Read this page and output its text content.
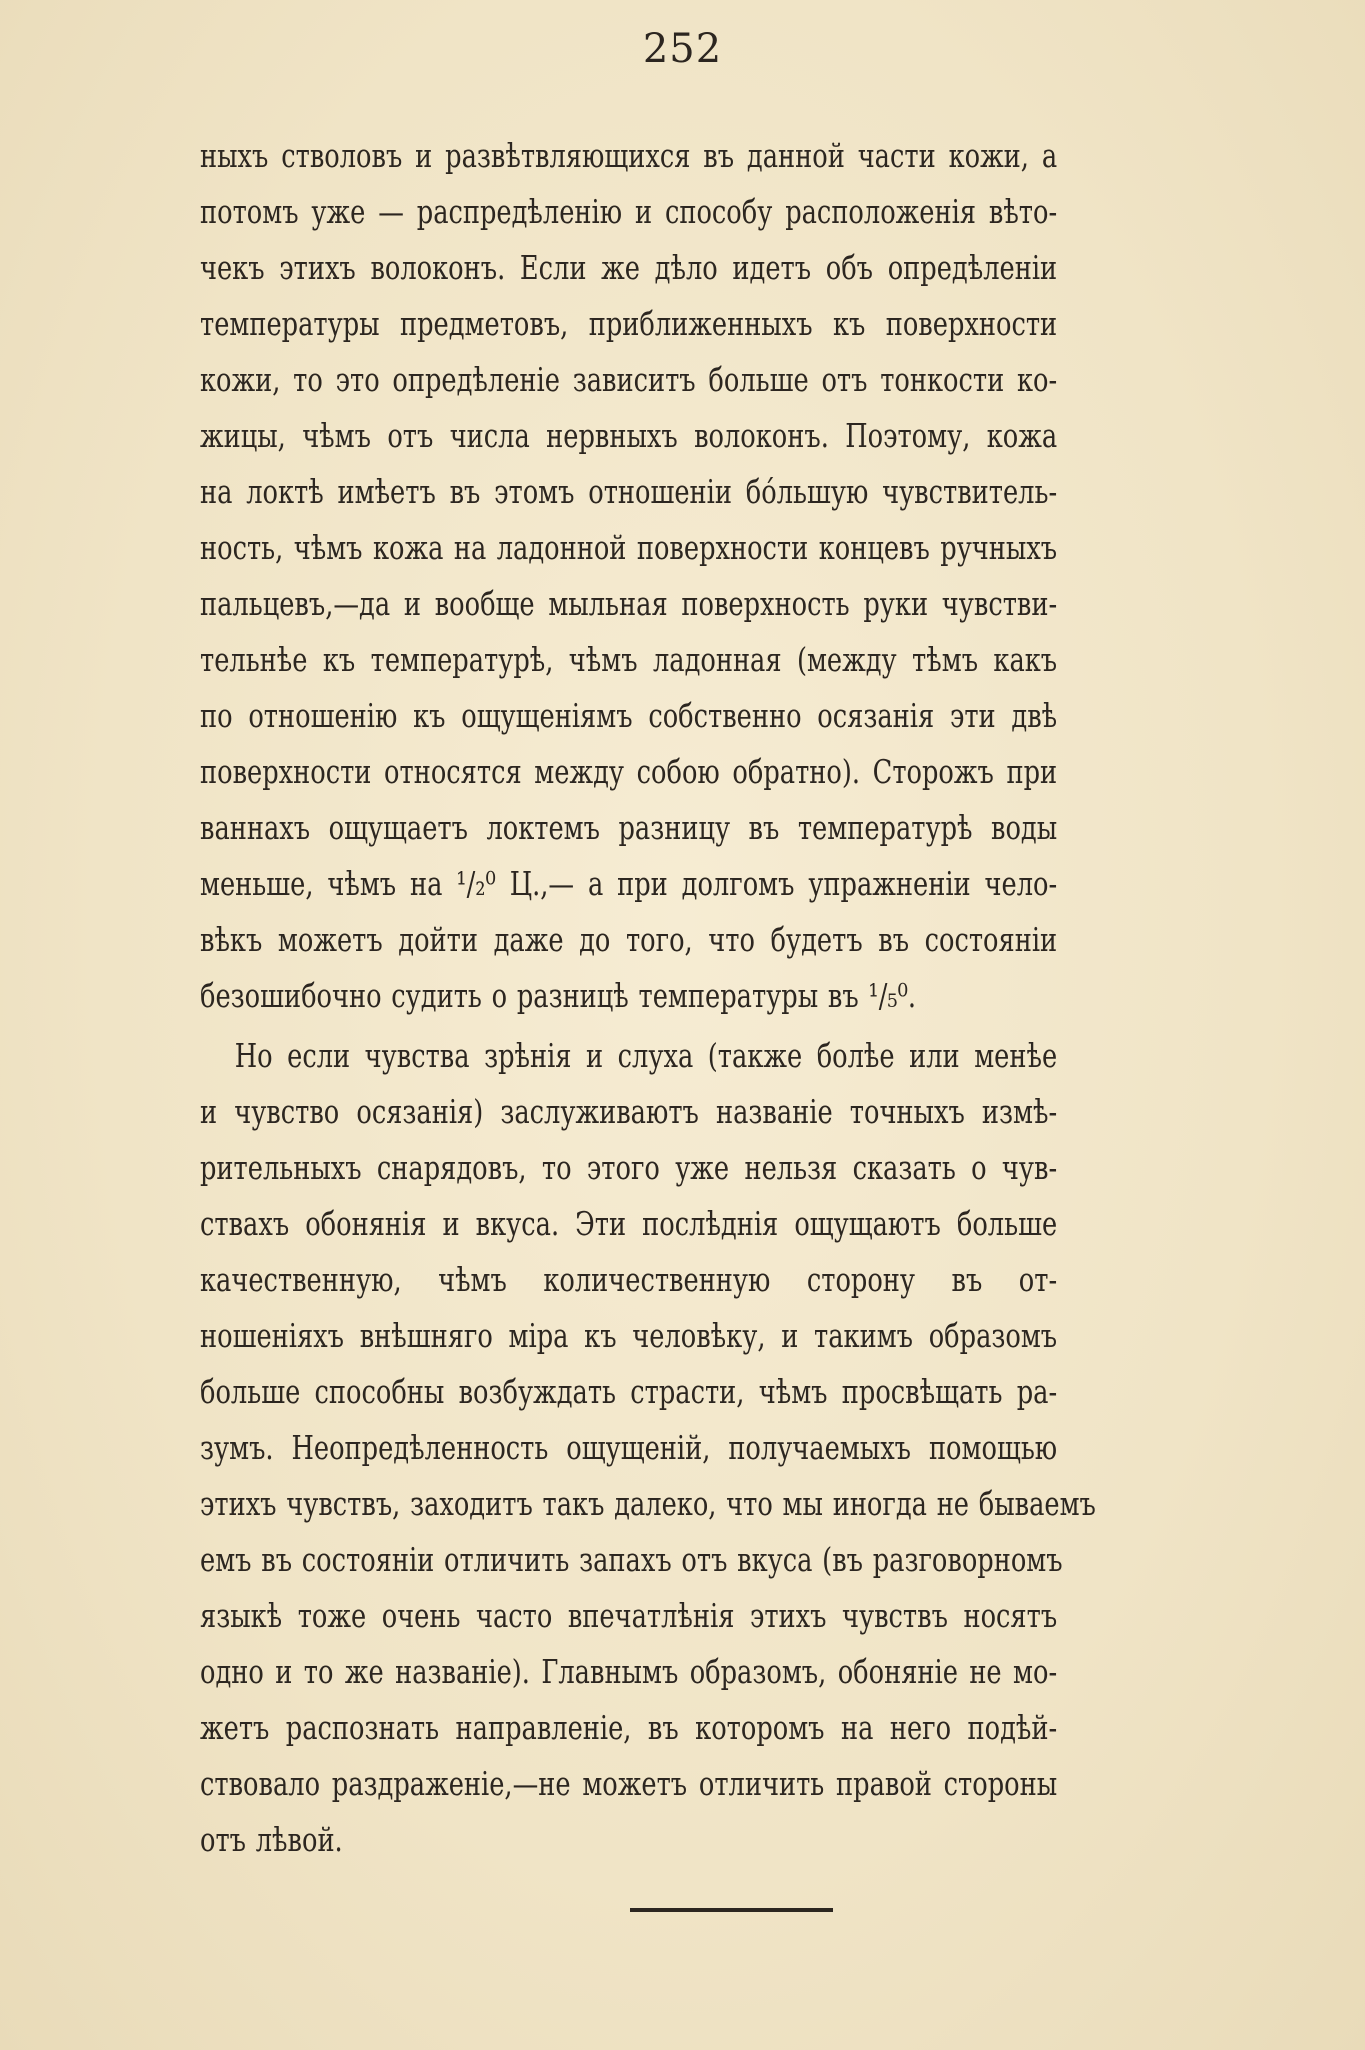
252
ныхъ стволовъ и развѣтвляющихся въ данной части кожи, а
потомъ уже — распредѣленію и способу расположенія вѣто-
чекъ этихъ волоконъ. Если же дѣло идетъ объ опредѣленіи
температуры предметовъ, приближенныхъ къ поверхности
кожи, то это опредѣленіе зависитъ больше отъ тонкости ко-
жицы, чѣмъ отъ числа нервныхъ волоконъ. Поэтому, кожа
на локтѣ имѣетъ въ этомъ отношеніи бо́льшую чувствитель-
ность, чѣмъ кожа на ладонной поверхности концевъ ручныхъ
пальцевъ,—да и вообще мыльная поверхность руки чувстви-
тельнѣе къ температурѣ, чѣмъ ладонная (между тѣмъ какъ
по отношенію къ ощущеніямъ собственно осязанія эти двѣ
поверхности относятся между собою обратно). Сторожъ при
ваннахъ ощущаетъ локтемъ разницу въ температурѣ воды
меньше, чѣмъ на ¹/₂⁰ Ц.,— а при долгомъ упражненіи чело-
вѣкъ можетъ дойти даже до того, что будетъ въ состояніи
безошибочно судить о разницѣ температуры въ ¹/₅⁰.
Но если чувства зрѣнія и слуха (также болѣе или менѣе
и чувство осязанія) заслуживаютъ названіе точныхъ измѣ-
рительныхъ снарядовъ, то этого уже нельзя сказать о чув-
ствахъ обонянія и вкуса. Эти послѣднія ощущаютъ больше
качественную, чѣмъ количественную сторону въ от-
ношеніяхъ внѣшняго міра къ человѣку, и такимъ образомъ
больше способны возбуждать страсти, чѣмъ просвѣщать ра-
зумъ. Неопредѣленность ощущеній, получаемыхъ помощью
этихъ чувствъ, заходитъ такъ далеко, что мы иногда не бываемъ
емъ въ состояніи отличить запахъ отъ вкуса (въ разговорномъ
языкѣ тоже очень часто впечатлѣнія этихъ чувствъ носятъ
одно и то же названіе). Главнымъ образомъ, обоняніе не мо-
жетъ распознать направленіе, въ которомъ на него подѣй-
ствовало раздраженіе,—не можетъ отличить правой стороны
отъ лѣвой.
